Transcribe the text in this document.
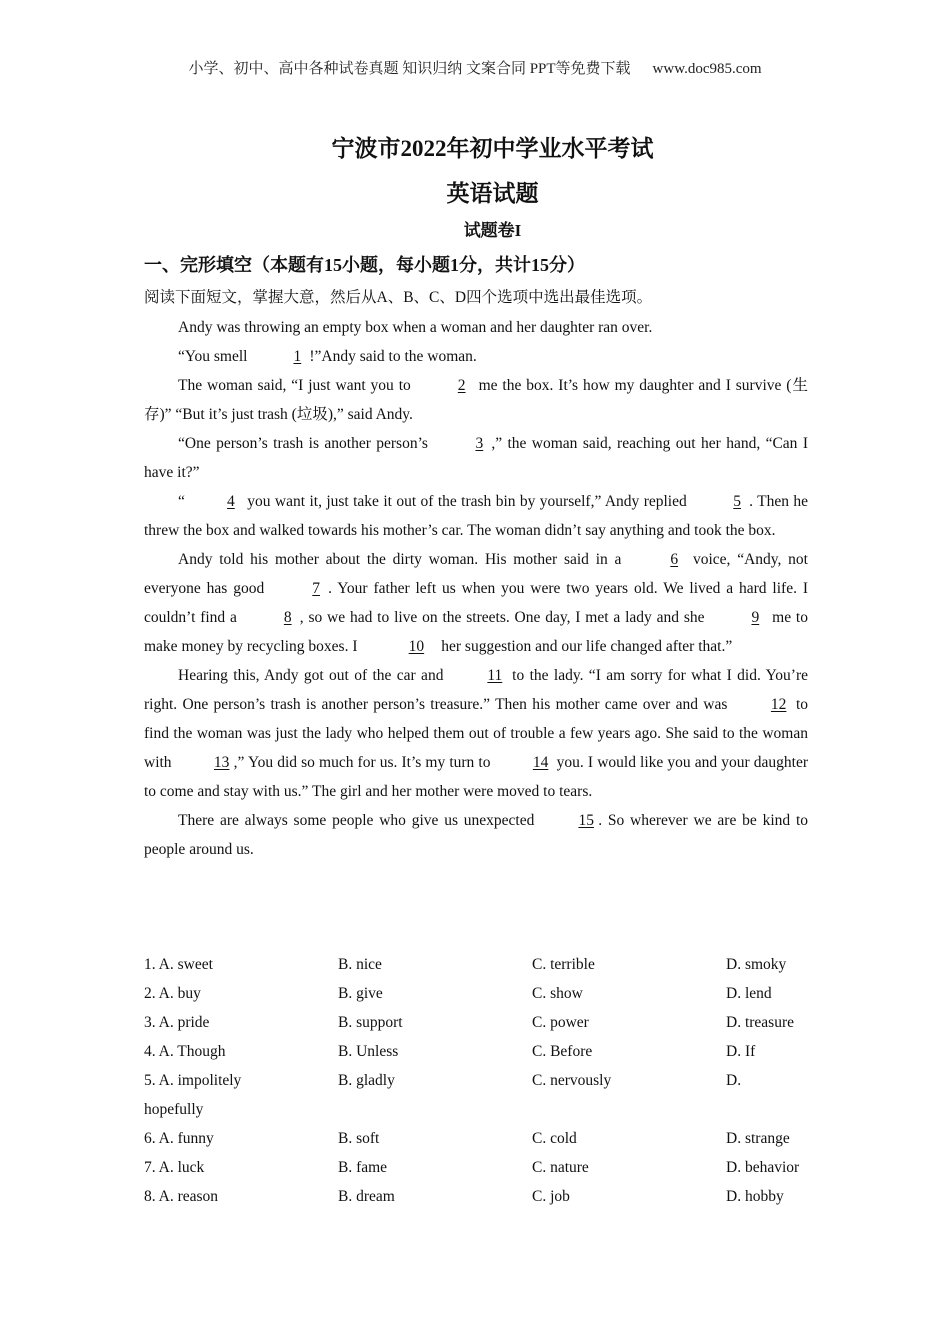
小学、初中、高中各种试卷真题 知识归纳 文案合同 PPT等免费下载 www.doc985.com
宁波市2022年初中学业水平考试
英语试题
试题卷I
一、完形填空（本题有15小题，每小题1分，共计15分）
阅读下面短文，掌握大意，然后从A、B、C、D四个选项中选出最佳选项。

Andy was throwing an empty box when a woman and her daughter ran over.

“You smell	1 !”Andy said to the woman.

The woman said, “I just want you to	2 me the box. It’s how my daughter and I survive (生存)” “But it’s just trash (垃圾),” said Andy.

“One person’s trash is another person’s	3 ,” the woman said, reaching out her hand, “Can I have it?”

“	4 you want it, just take it out of the trash bin by yourself,” Andy replied	5 . Then he threw the box and walked towards his mother’s car. The woman didn’t say anything and took the box.

Andy told his mother about the dirty woman. His mother said in a	6 voice, “Andy, not everyone has good	7 . Your father left us when you were two years old. We lived a hard life. I couldn’t find a	8 , so we had to live on the streets. One day, I met a lady and she	9 me to make money by recycling boxes. I	10 her suggestion and our life changed after that.”

Hearing this, Andy got out of the car and 11 to the lady. “I am sorry for what I did. You’re right. One person’s trash is another person’s treasure.” Then his mother came over and was 12 to find the woman was just the lady who helped them out of trouble a few years ago. She said to the woman with 13 ,” You did so much for us. It’s my turn to 14 you. I would like you and your daughter to come and stay with us.” The girl and her mother were moved to tears.

There are always some people who give us unexpected 15 . So wherever we are be kind to people around us.

1. A. sweet	B. nice	C. terrible	D. smoky
2. A. buy	B. give	C. show	D. lend
3. A. pride	B. support	C. power	D. treasure
4. A. Though	B. Unless	C. Before	D. If
5. A. impolitely	B. gladly	C. nervously	D.
hopefully
6. A. funny	B. soft	C. cold	D. strange
7. A. luck	B. fame	C. nature	D. behavior
8. A. reason	B. dream	C. job	D. hobby
